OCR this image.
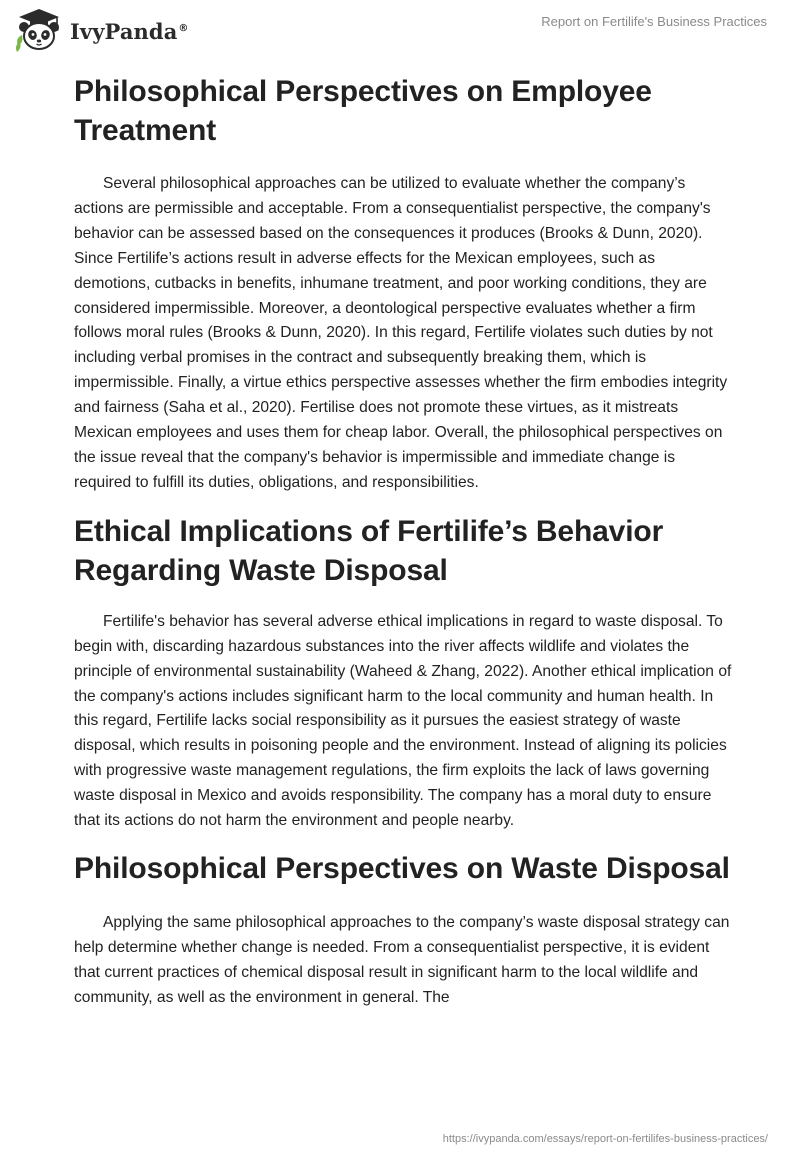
IvyPanda®	Report on Fertilife's Business Practices
Philosophical Perspectives on Employee Treatment

Several philosophical approaches can be utilized to evaluate whether the company’s actions are permissible and acceptable. From a consequentialist perspective, the company's behavior can be assessed based on the consequences it produces (Brooks & Dunn, 2020). Since Fertilife’s actions result in adverse effects for the Mexican employees, such as demotions, cutbacks in benefits, inhumane treatment, and poor working conditions, they are considered impermissible. Moreover, a deontological perspective evaluates whether a firm follows moral rules (Brooks & Dunn, 2020). In this regard, Fertilife violates such duties by not including verbal promises in the contract and subsequently breaking them, which is impermissible. Finally, a virtue ethics perspective assesses whether the firm embodies integrity and fairness (Saha et al., 2020). Fertilise does not promote these virtues, as it mistreats Mexican employees and uses them for cheap labor. Overall, the philosophical perspectives on the issue reveal that the company's behavior is impermissible and immediate change is required to fulfill its duties, obligations, and responsibilities.

Ethical Implications of Fertilife’s Behavior Regarding Waste Disposal

Fertilife's behavior has several adverse ethical implications in regard to waste disposal. To begin with, discarding hazardous substances into the river affects wildlife and violates the principle of environmental sustainability (Waheed & Zhang, 2022). Another ethical implication of the company's actions includes significant harm to the local community and human health. In this regard, Fertilife lacks social responsibility as it pursues the easiest strategy of waste disposal, which results in poisoning people and the environment. Instead of aligning its policies with progressive waste management regulations, the firm exploits the lack of laws governing waste disposal in Mexico and avoids responsibility. The company has a moral duty to ensure that its actions do not harm the environment and people nearby.

Philosophical Perspectives on Waste Disposal

Applying the same philosophical approaches to the company’s waste disposal strategy can help determine whether change is needed. From a consequentialist perspective, it is evident that current practices of chemical disposal result in significant harm to the local wildlife and community, as well as the environment in general. The

https://ivypanda.com/essays/report-on-fertilifes-business-practices/
